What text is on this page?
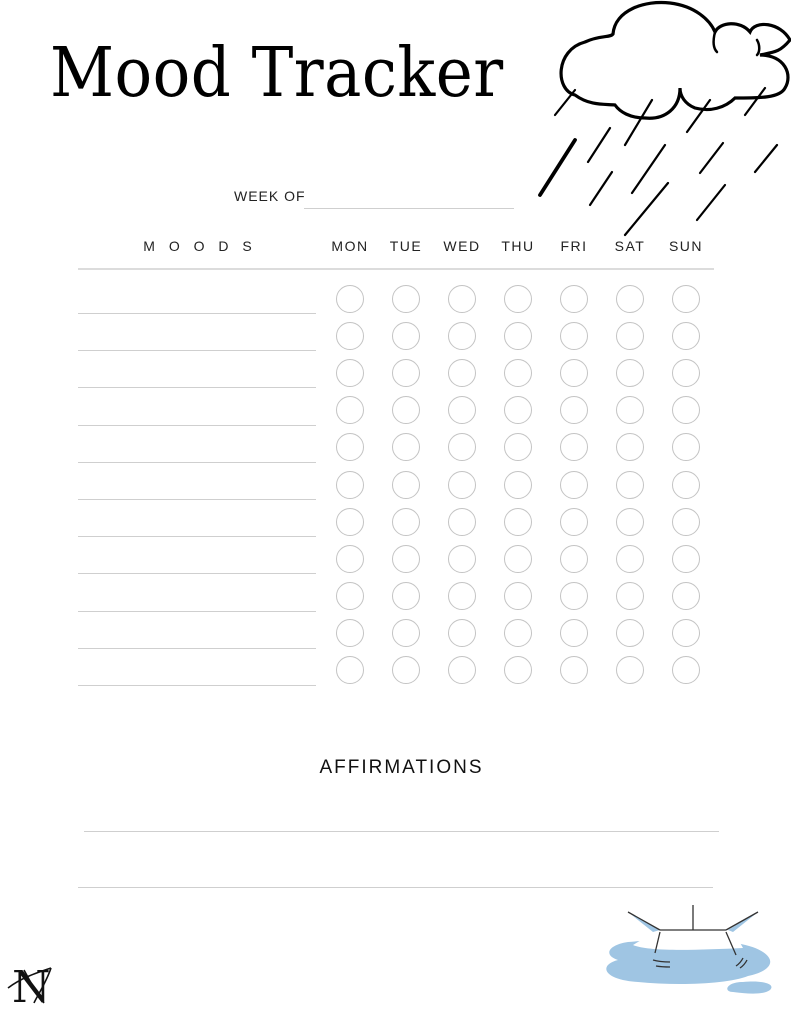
Mood Tracker
WEEK OF
M O O D S	MON	TUE	WED	THU	FRI	SAT	SUN
AFFIRMATIONS
N
